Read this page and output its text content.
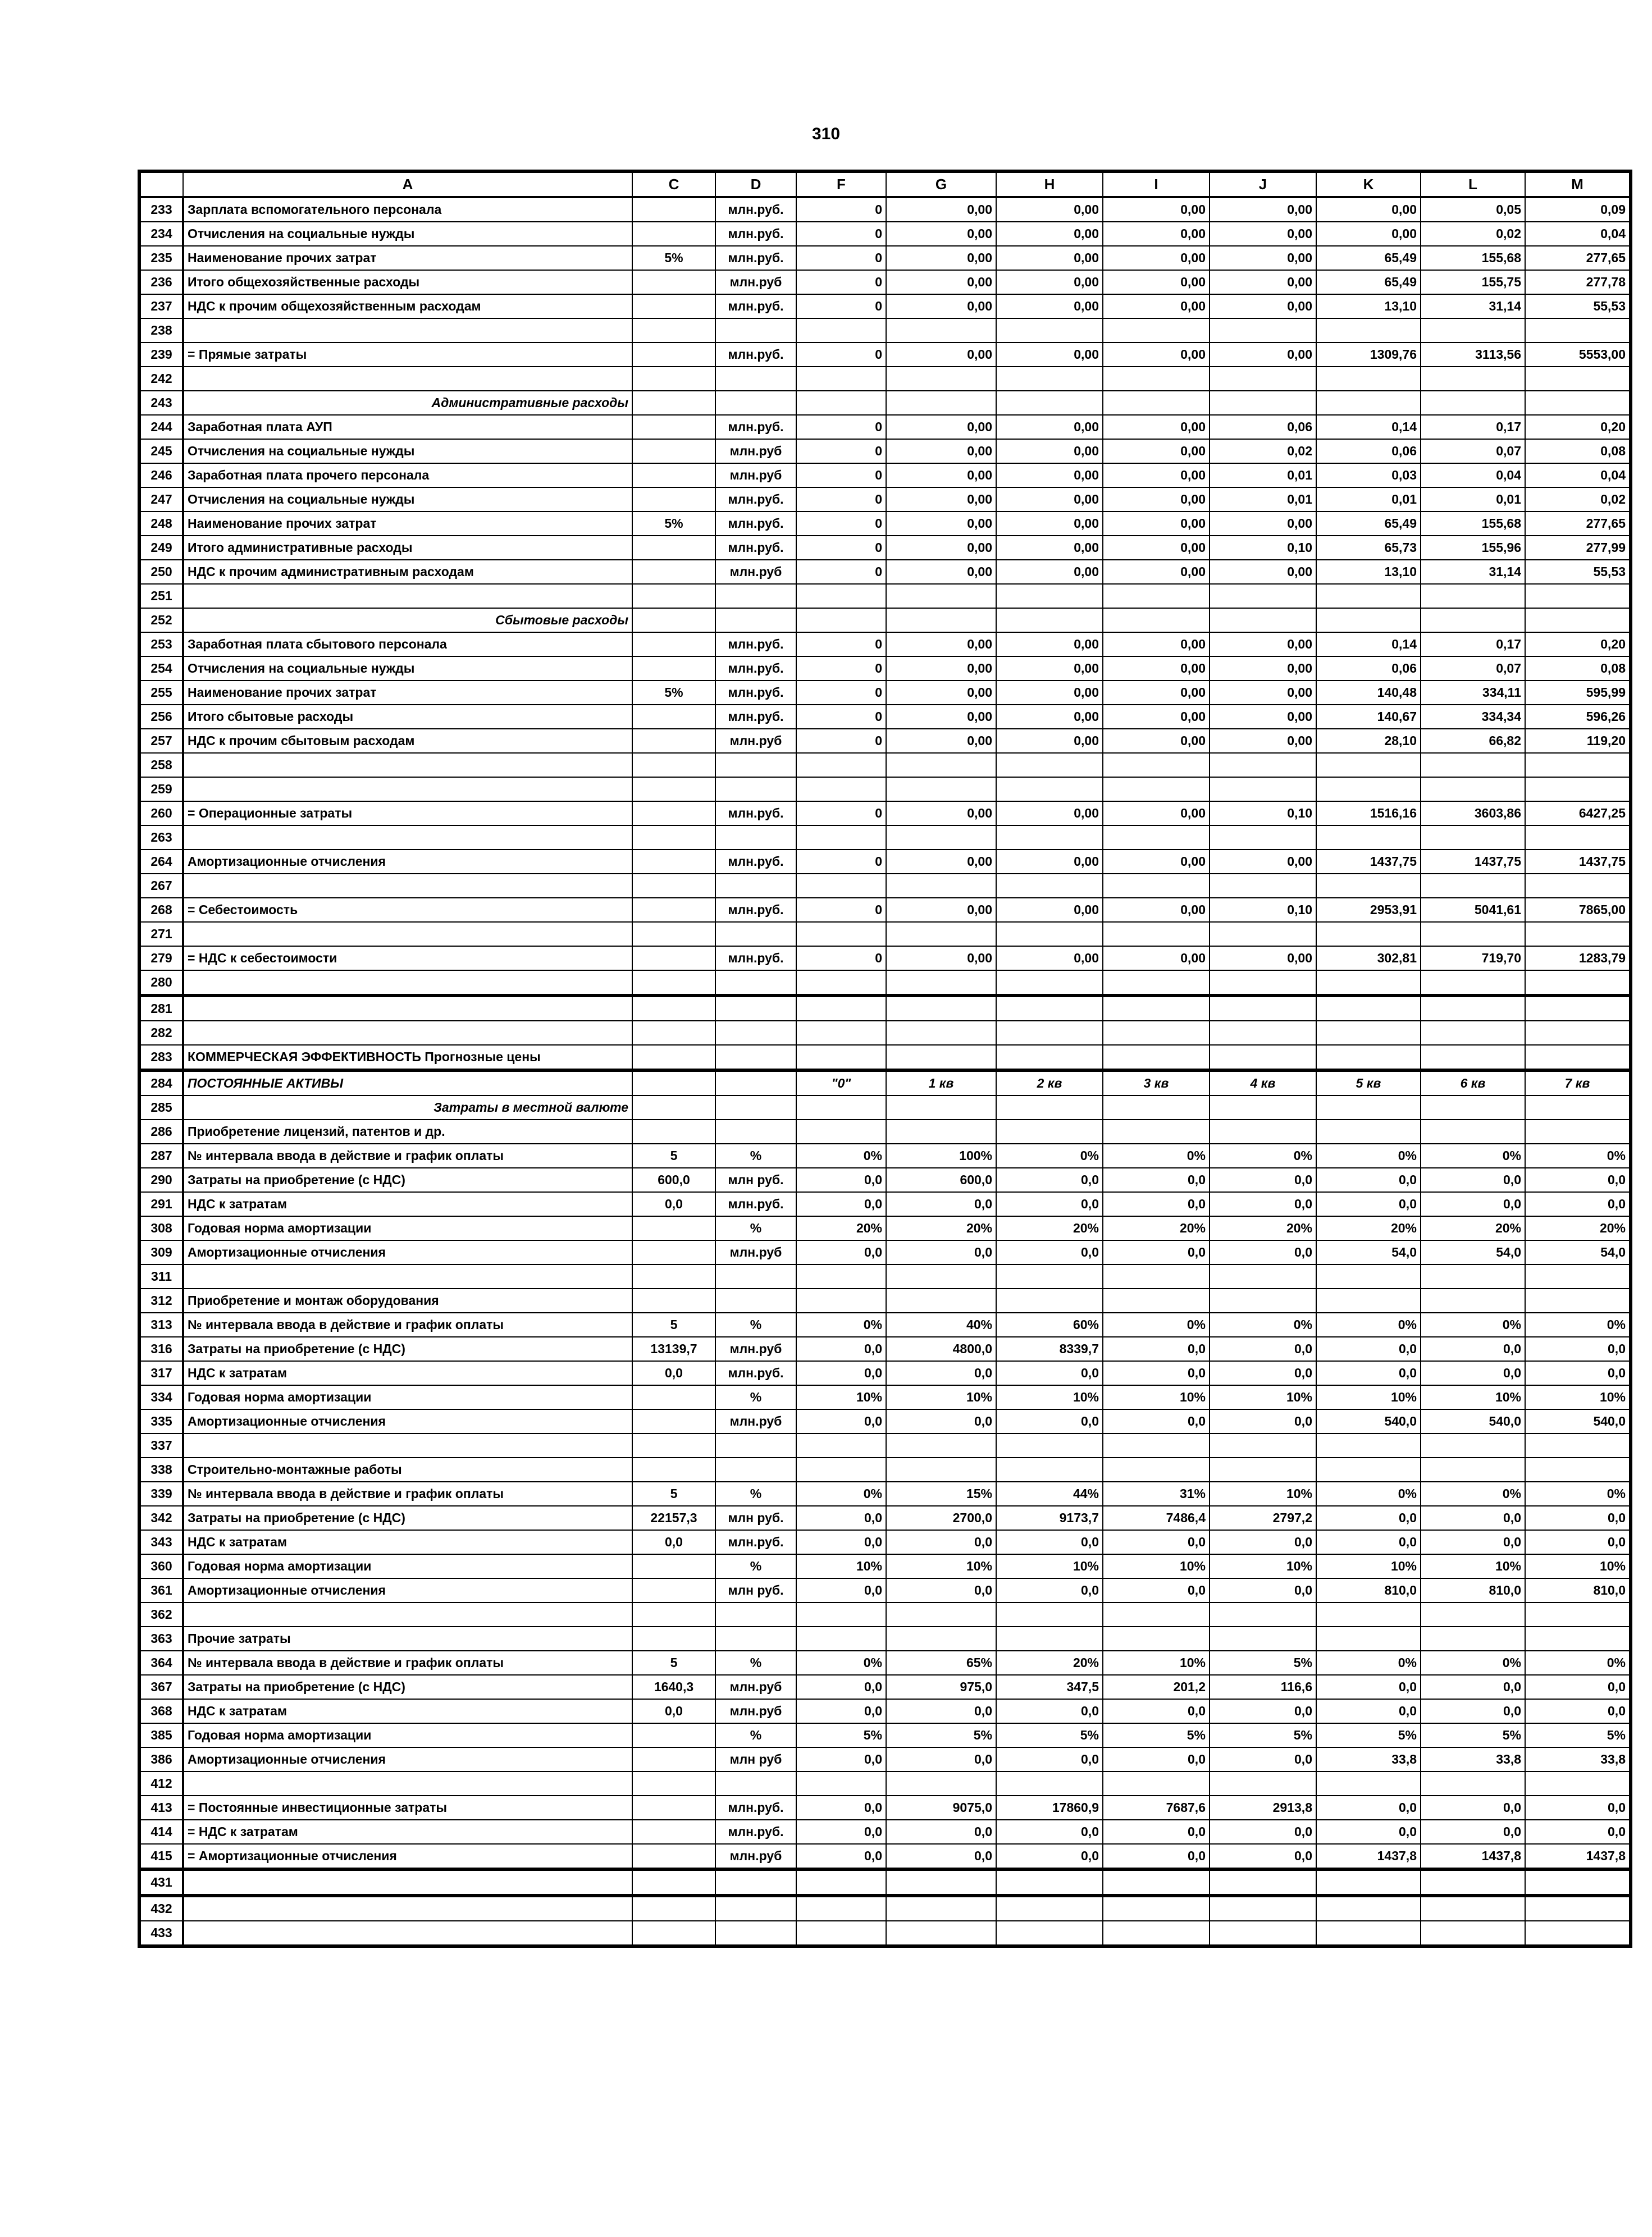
310
	A	C	D	F	G	H	I	J	K	L	M
233	Зарплата вспомогательного персонала		млн.руб.	0	0,00	0,00	0,00	0,00	0,00	0,05	0,09
234	Отчисления на социальные нужды		млн.руб.	0	0,00	0,00	0,00	0,00	0,00	0,02	0,04
235	Наименование прочих затрат	5%	млн.руб.	0	0,00	0,00	0,00	0,00	65,49	155,68	277,65
236	Итого общехозяйственные расходы		млн.руб	0	0,00	0,00	0,00	0,00	65,49	155,75	277,78
237	НДС к прочим общехозяйственным расходам		млн.руб.	0	0,00	0,00	0,00	0,00	13,10	31,14	55,53
238											
239	= Прямые затраты		млн.руб.	0	0,00	0,00	0,00	0,00	1309,76	3113,56	5553,00
242											
243	Административные расходы										
244	Заработная плата АУП		млн.руб.	0	0,00	0,00	0,00	0,06	0,14	0,17	0,20
245	Отчисления на социальные нужды		млн.руб	0	0,00	0,00	0,00	0,02	0,06	0,07	0,08
246	Заработная плата прочего персонала		млн.руб	0	0,00	0,00	0,00	0,01	0,03	0,04	0,04
247	Отчисления на социальные нужды		млн.руб.	0	0,00	0,00	0,00	0,01	0,01	0,01	0,02
248	Наименование прочих затрат	5%	млн.руб.	0	0,00	0,00	0,00	0,00	65,49	155,68	277,65
249	Итого административные расходы		млн.руб.	0	0,00	0,00	0,00	0,10	65,73	155,96	277,99
250	НДС к прочим административным расходам		млн.руб	0	0,00	0,00	0,00	0,00	13,10	31,14	55,53
251											
252	Сбытовые расходы										
253	Заработная плата сбытового персонала		млн.руб.	0	0,00	0,00	0,00	0,00	0,14	0,17	0,20
254	Отчисления на социальные нужды		млн.руб.	0	0,00	0,00	0,00	0,00	0,06	0,07	0,08
255	Наименование прочих затрат	5%	млн.руб.	0	0,00	0,00	0,00	0,00	140,48	334,11	595,99
256	Итого сбытовые расходы		млн.руб.	0	0,00	0,00	0,00	0,00	140,67	334,34	596,26
257	НДС к прочим сбытовым расходам		млн.руб	0	0,00	0,00	0,00	0,00	28,10	66,82	119,20
258											
259											
260	= Операционные затраты		млн.руб.	0	0,00	0,00	0,00	0,10	1516,16	3603,86	6427,25
263											
264	Амортизационные отчисления		млн.руб.	0	0,00	0,00	0,00	0,00	1437,75	1437,75	1437,75
267											
268	= Себестоимость		млн.руб.	0	0,00	0,00	0,00	0,10	2953,91	5041,61	7865,00
271											
279	= НДС к себестоимости		млн.руб.	0	0,00	0,00	0,00	0,00	302,81	719,70	1283,79
280											
281											
282											
283	КОММЕРЧЕСКАЯ ЭФФЕКТИВНОСТЬ Прогнозные цены										
284	ПОСТОЯННЫЕ АКТИВЫ			"0"	1 кв	2 кв	3 кв	4 кв	5 кв	6 кв	7 кв
285	Затраты в местной валюте										
286	Приобретение лицензий, патентов и др.										
287	№ интервала ввода в действие и график оплаты	5	%	0%	100%	0%	0%	0%	0%	0%	0%
290	Затраты на приобретение (с НДС)	600,0	млн руб.	0,0	600,0	0,0	0,0	0,0	0,0	0,0	0,0
291	НДС к затратам	0,0	млн.руб.	0,0	0,0	0,0	0,0	0,0	0,0	0,0	0,0
308	Годовая норма амортизации		%	20%	20%	20%	20%	20%	20%	20%	20%
309	Амортизационные отчисления		млн.руб	0,0	0,0	0,0	0,0	0,0	54,0	54,0	54,0
311											
312	Приобретение и монтаж оборудования										
313	№ интервала ввода в действие и график оплаты	5	%	0%	40%	60%	0%	0%	0%	0%	0%
316	Затраты на приобретение (с НДС)	13139,7	млн.руб	0,0	4800,0	8339,7	0,0	0,0	0,0	0,0	0,0
317	НДС к затратам	0,0	млн.руб.	0,0	0,0	0,0	0,0	0,0	0,0	0,0	0,0
334	Годовая норма амортизации		%	10%	10%	10%	10%	10%	10%	10%	10%
335	Амортизационные отчисления		млн.руб	0,0	0,0	0,0	0,0	0,0	540,0	540,0	540,0
337											
338	Строительно-монтажные работы										
339	№ интервала ввода в действие и график оплаты	5	%	0%	15%	44%	31%	10%	0%	0%	0%
342	Затраты на приобретение (с НДС)	22157,3	млн руб.	0,0	2700,0	9173,7	7486,4	2797,2	0,0	0,0	0,0
343	НДС к затратам	0,0	млн.руб.	0,0	0,0	0,0	0,0	0,0	0,0	0,0	0,0
360	Годовая норма амортизации		%	10%	10%	10%	10%	10%	10%	10%	10%
361	Амортизационные отчисления		млн руб.	0,0	0,0	0,0	0,0	0,0	810,0	810,0	810,0
362											
363	Прочие затраты										
364	№ интервала ввода в действие и график оплаты	5	%	0%	65%	20%	10%	5%	0%	0%	0%
367	Затраты на приобретение (с НДС)	1640,3	млн.руб	0,0	975,0	347,5	201,2	116,6	0,0	0,0	0,0
368	НДС к затратам	0,0	млн.руб	0,0	0,0	0,0	0,0	0,0	0,0	0,0	0,0
385	Годовая норма амортизации		%	5%	5%	5%	5%	5%	5%	5%	5%
386	Амортизационные отчисления		млн руб	0,0	0,0	0,0	0,0	0,0	33,8	33,8	33,8
412											
413	= Постоянные инвестиционные затраты		млн.руб.	0,0	9075,0	17860,9	7687,6	2913,8	0,0	0,0	0,0
414	= НДС к затратам		млн.руб.	0,0	0,0	0,0	0,0	0,0	0,0	0,0	0,0
415	= Амортизационные отчисления		млн.руб	0,0	0,0	0,0	0,0	0,0	1437,8	1437,8	1437,8
431											
432											
433											
